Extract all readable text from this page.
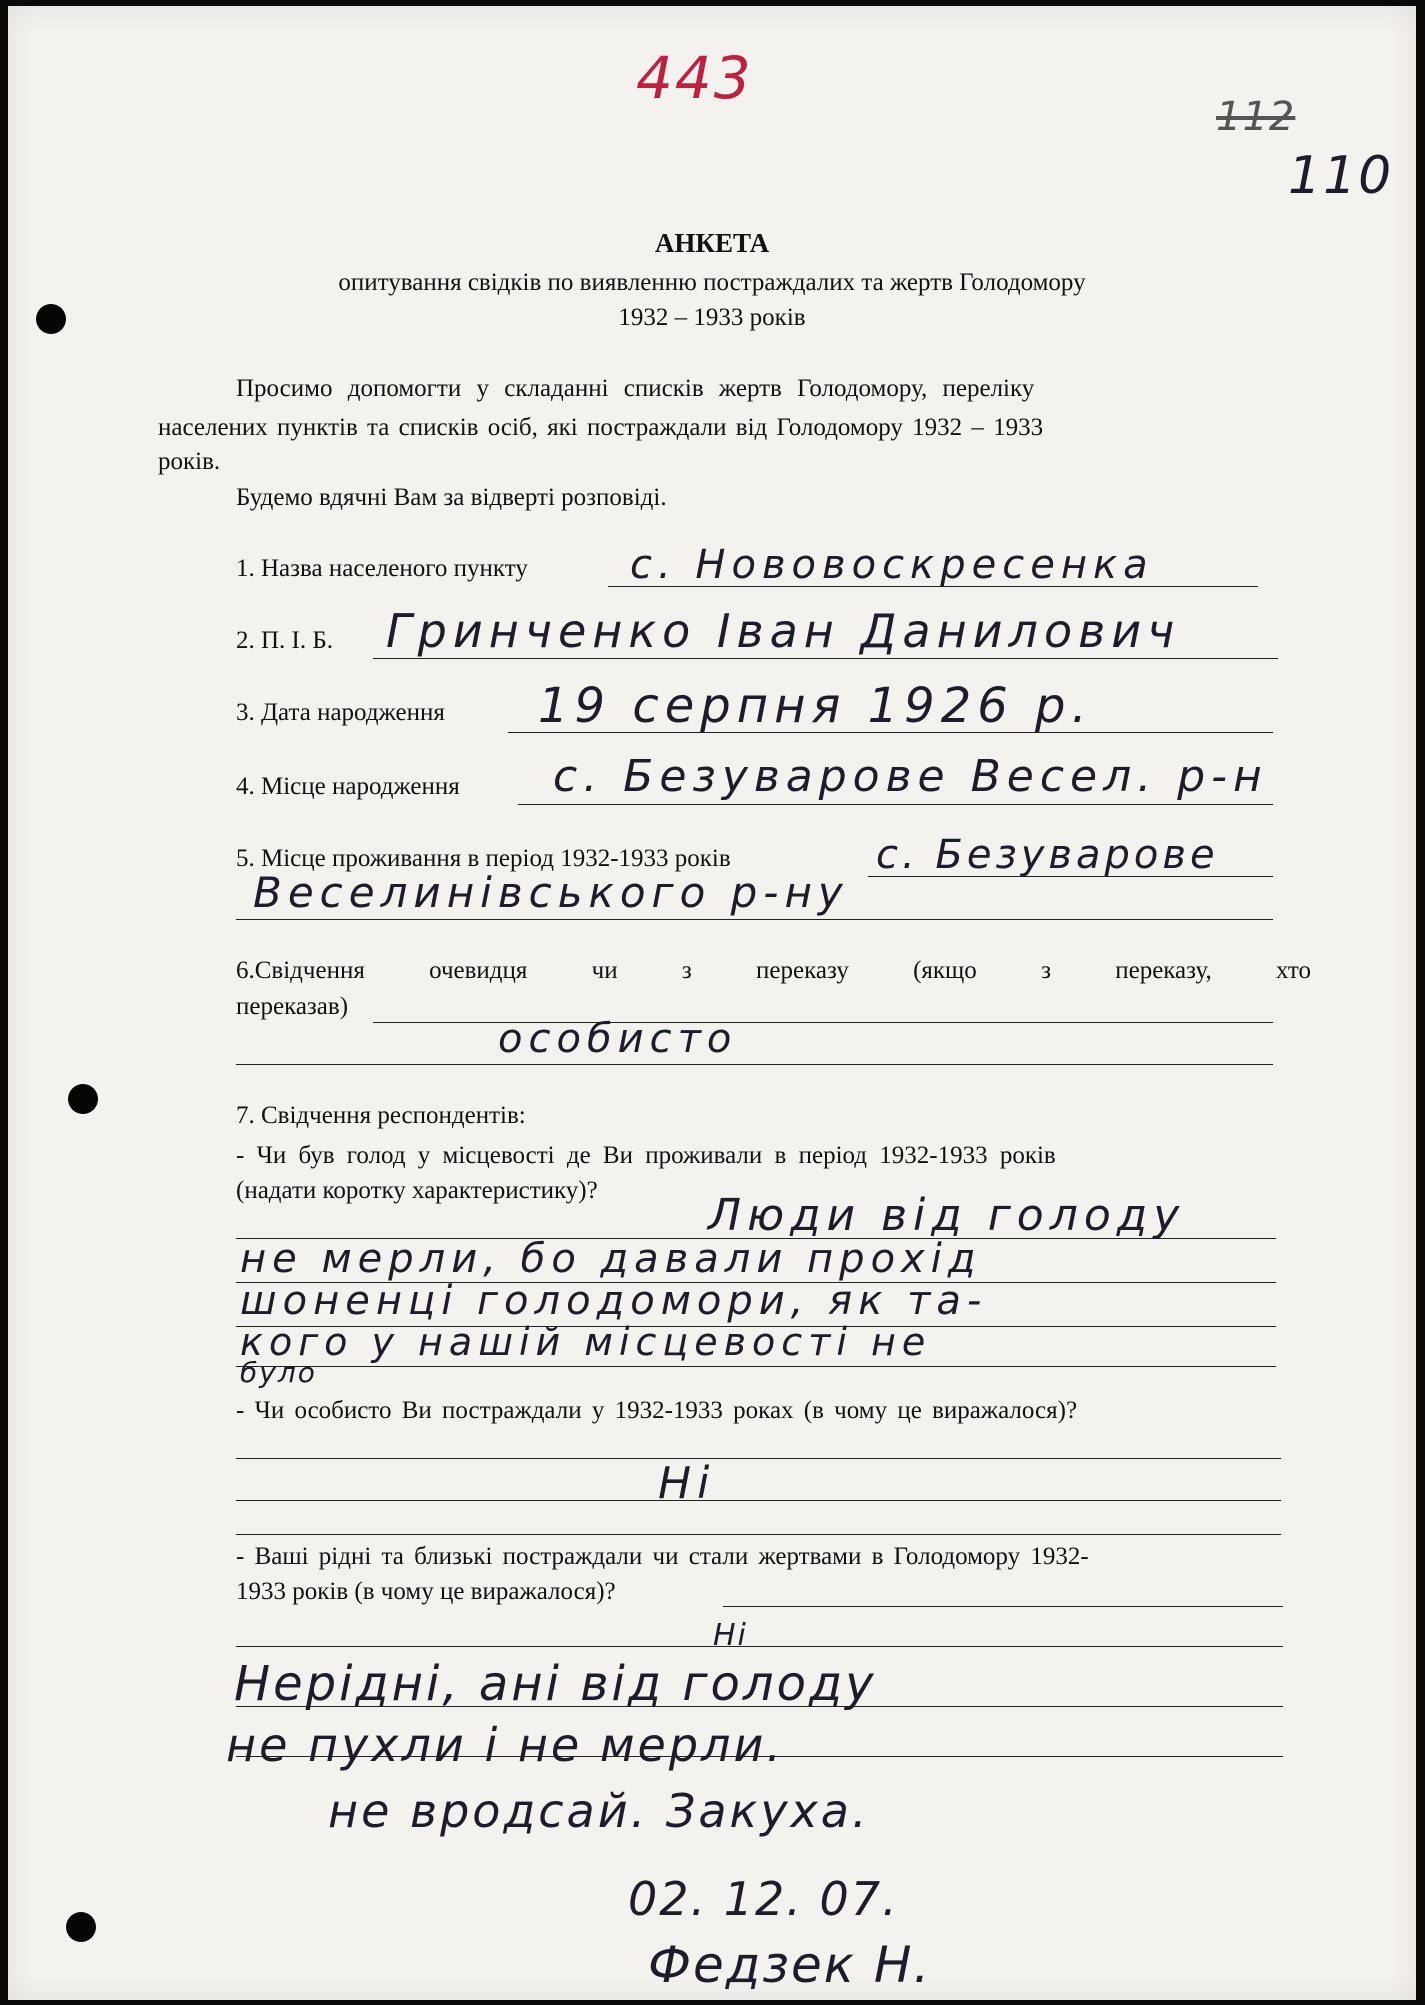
443
112
110
АНКЕТА
опитування свідків по виявленню постраждалих та жертв Голодомору
1932 – 1933 років
Просимо допомогти у складанні списків жертв Голодомору, переліку
населених пунктів та списків осіб, які постраждали від Голодомору 1932 – 1933
років.
Будемо вдячні Вам за відверті розповіді.
1. Назва населеного пункту	с. Нововоскресенка
2. П. І. Б. Гринченко Іван Данилович
3. Дата народження 19 серпня 1926 р.
4. Місце народження с. Безуварове Весел. р-н
5. Місце проживання в період 1932-1933 років	с. Безуварове
Веселинівського р-ну
6.Свідчення очевидця чи з переказу (якщо з переказу, хто
переказав)
особисто
7. Свідчення респондентів:
- Чи був голод у місцевості де Ви проживали в період 1932-1933 років
(надати коротку характеристику)?	Люди від голоду
не мерли, бо давали прохід
шоненці голодомори, як та-
кого у нашій місцевості не
було
- Чи особисто Ви постраждали у 1932-1933 роках (в чому це виражалося)?
Ні
- Ваші рідні та близькі постраждали чи стали жертвами в Голодомору 1932-
1933 років (в чому це виражалося)?
Ні
Нерідні, ані від голоду
не пухли і не мерли.
не вродсай. Закуха.
02. 12. 07.
Федзек Н.
